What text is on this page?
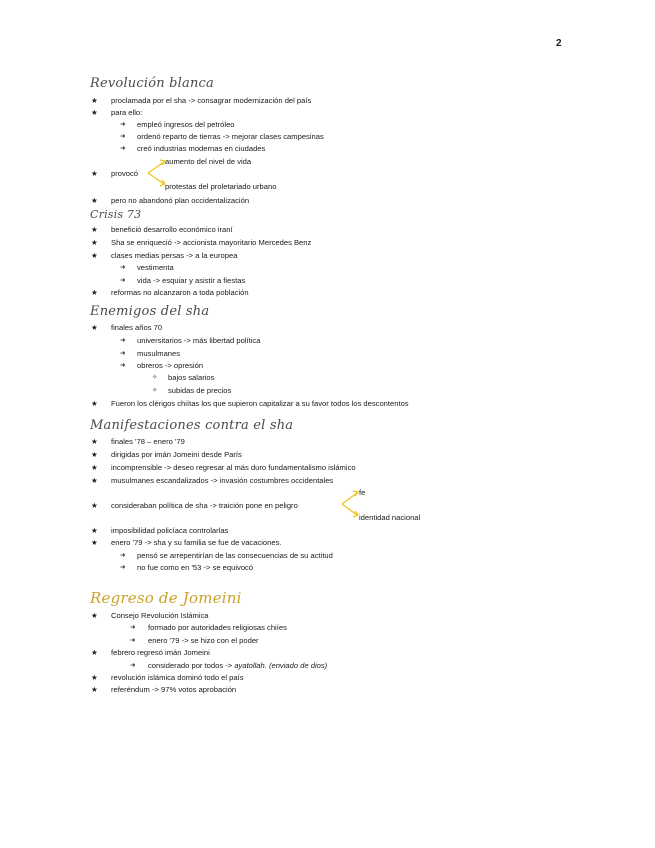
2
Revolución blanca
★ proclamada por el sha -> consagrar modernización del país
★ para ello:
➜ empleó ingresos del petróleo
➜ ordenó reparto de tierras -> mejorar clases campesinas
➜ creó industrias modernas en ciudades
aumento del nivel de vida
★ provocó
protestas del proletariado urbano
★ pero no abandonó plan occidentalización
Crisis 73
★ benefició desarrollo económico iraní
★ Sha se enriqueció -> accionista mayoritario Mercedes Benz
★ clases medias persas -> a la europea
➜ vestimenta
➜ vida -> esquiar y asistir a fiestas
★ reformas no alcanzaron a toda población
Enemigos del sha
★ finales años 70
➜ universitarios -> más libertad política
➜ musulmanes
➜ obreros -> opresión
✧ bajos salarios
✧ subidas de precios
★ Fueron los clérigos chiítas los que supieron capitalizar a su favor todos los descontentos
Manifestaciones contra el sha
★ finales '78 – enero '79
★ dirigidas por imán Jomeini desde París
★ incomprensible -> deseo regresar al más duro fundamentalismo islámico
★ musulmanes escandalizados -> invasión costumbres occidentales
fe
★ consideraban política de sha -> traición pone en peligro
identidad nacional
★ imposibilidad policíaca controlarlas
★ enero '79 -> sha y su familia se fue de vacaciones.
➜ pensó se arrepentirían de las consecuencias de su actitud
➜ no fue como en '53 -> se equivocó
Regreso de Jomeini
★ Consejo Revolución Islámica
➜ formado por autoridades religiosas chiíes
➜ enero '79 -> se hizo con el poder
★ febrero regresó imán Jomeini
➜ considerado por todos -> ayatollah. (enviado de dios)
★ revolución islámica dominó todo el país
★ referéndum -> 97% votos aprobación
